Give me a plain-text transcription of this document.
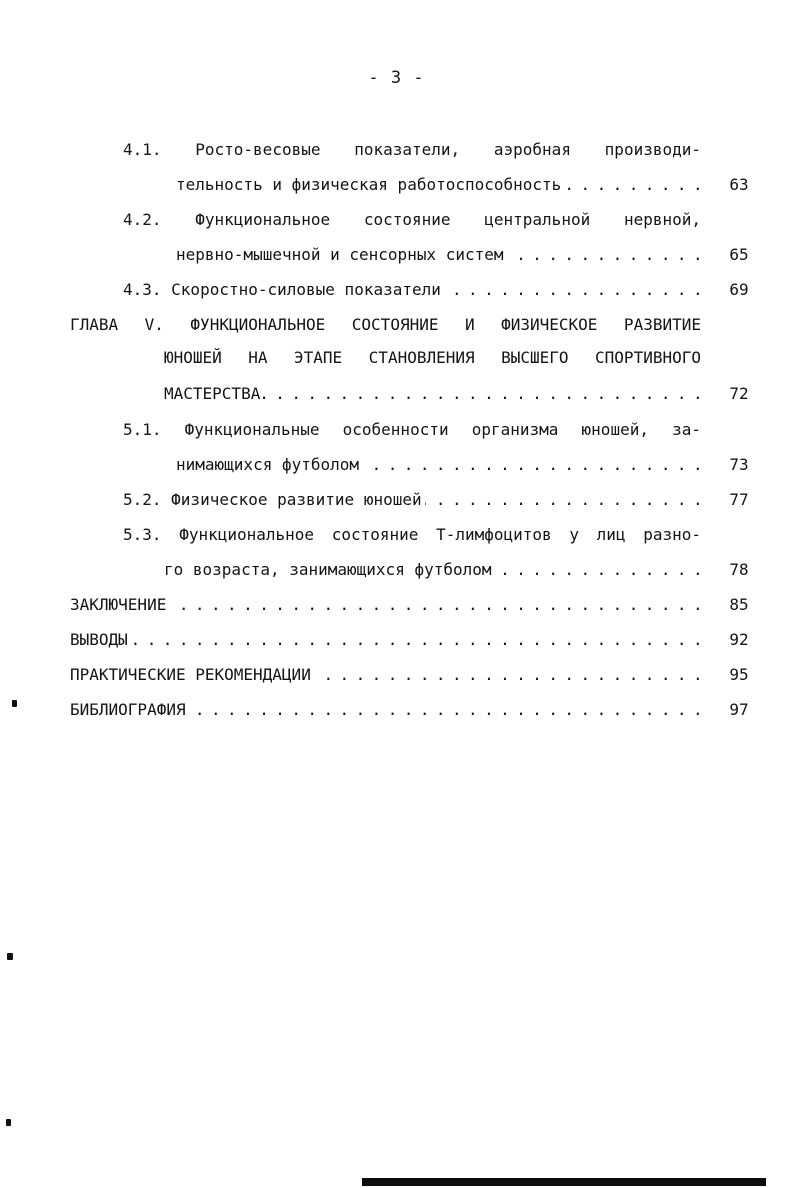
- 3 -
4.1. Росто-весовые показатели, аэробная производи-
тельность и физическая работоспособность . . .	63
4.2. Функциональное состояние центральной нервной,
нервно-мышечной и сенсорных систем . . .	65
4.3. Скоростно-силовые показатели . . .	69
ГЛАВА V. ФУНКЦИОНАЛЬНОЕ СОСТОЯНИЕ И ФИЗИЧЕСКОЕ РАЗВИТИЕ
ЮНОШЕЙ НА ЭТАПЕ СТАНОВЛЕНИЯ ВЫСШЕГО СПОРТИВНОГО
МАСТЕРСТВА . . .	72
5.1. Функциональные особенности организма юношей, за-
нимающихся футболом . . .	73
5.2. Физическое развитие юношей . . .	77
5.3. Функциональное состояние Т-лимфоцитов у лиц разно-
го возраста, занимающихся футболом . . .	78
ЗАКЛЮЧЕНИЕ . . .	85
ВЫВОДЫ . . .	92
ПРАКТИЧЕСКИЕ РЕКОМЕНДАЦИИ . . .	95
БИБЛИОГРАФИЯ . . .	97
